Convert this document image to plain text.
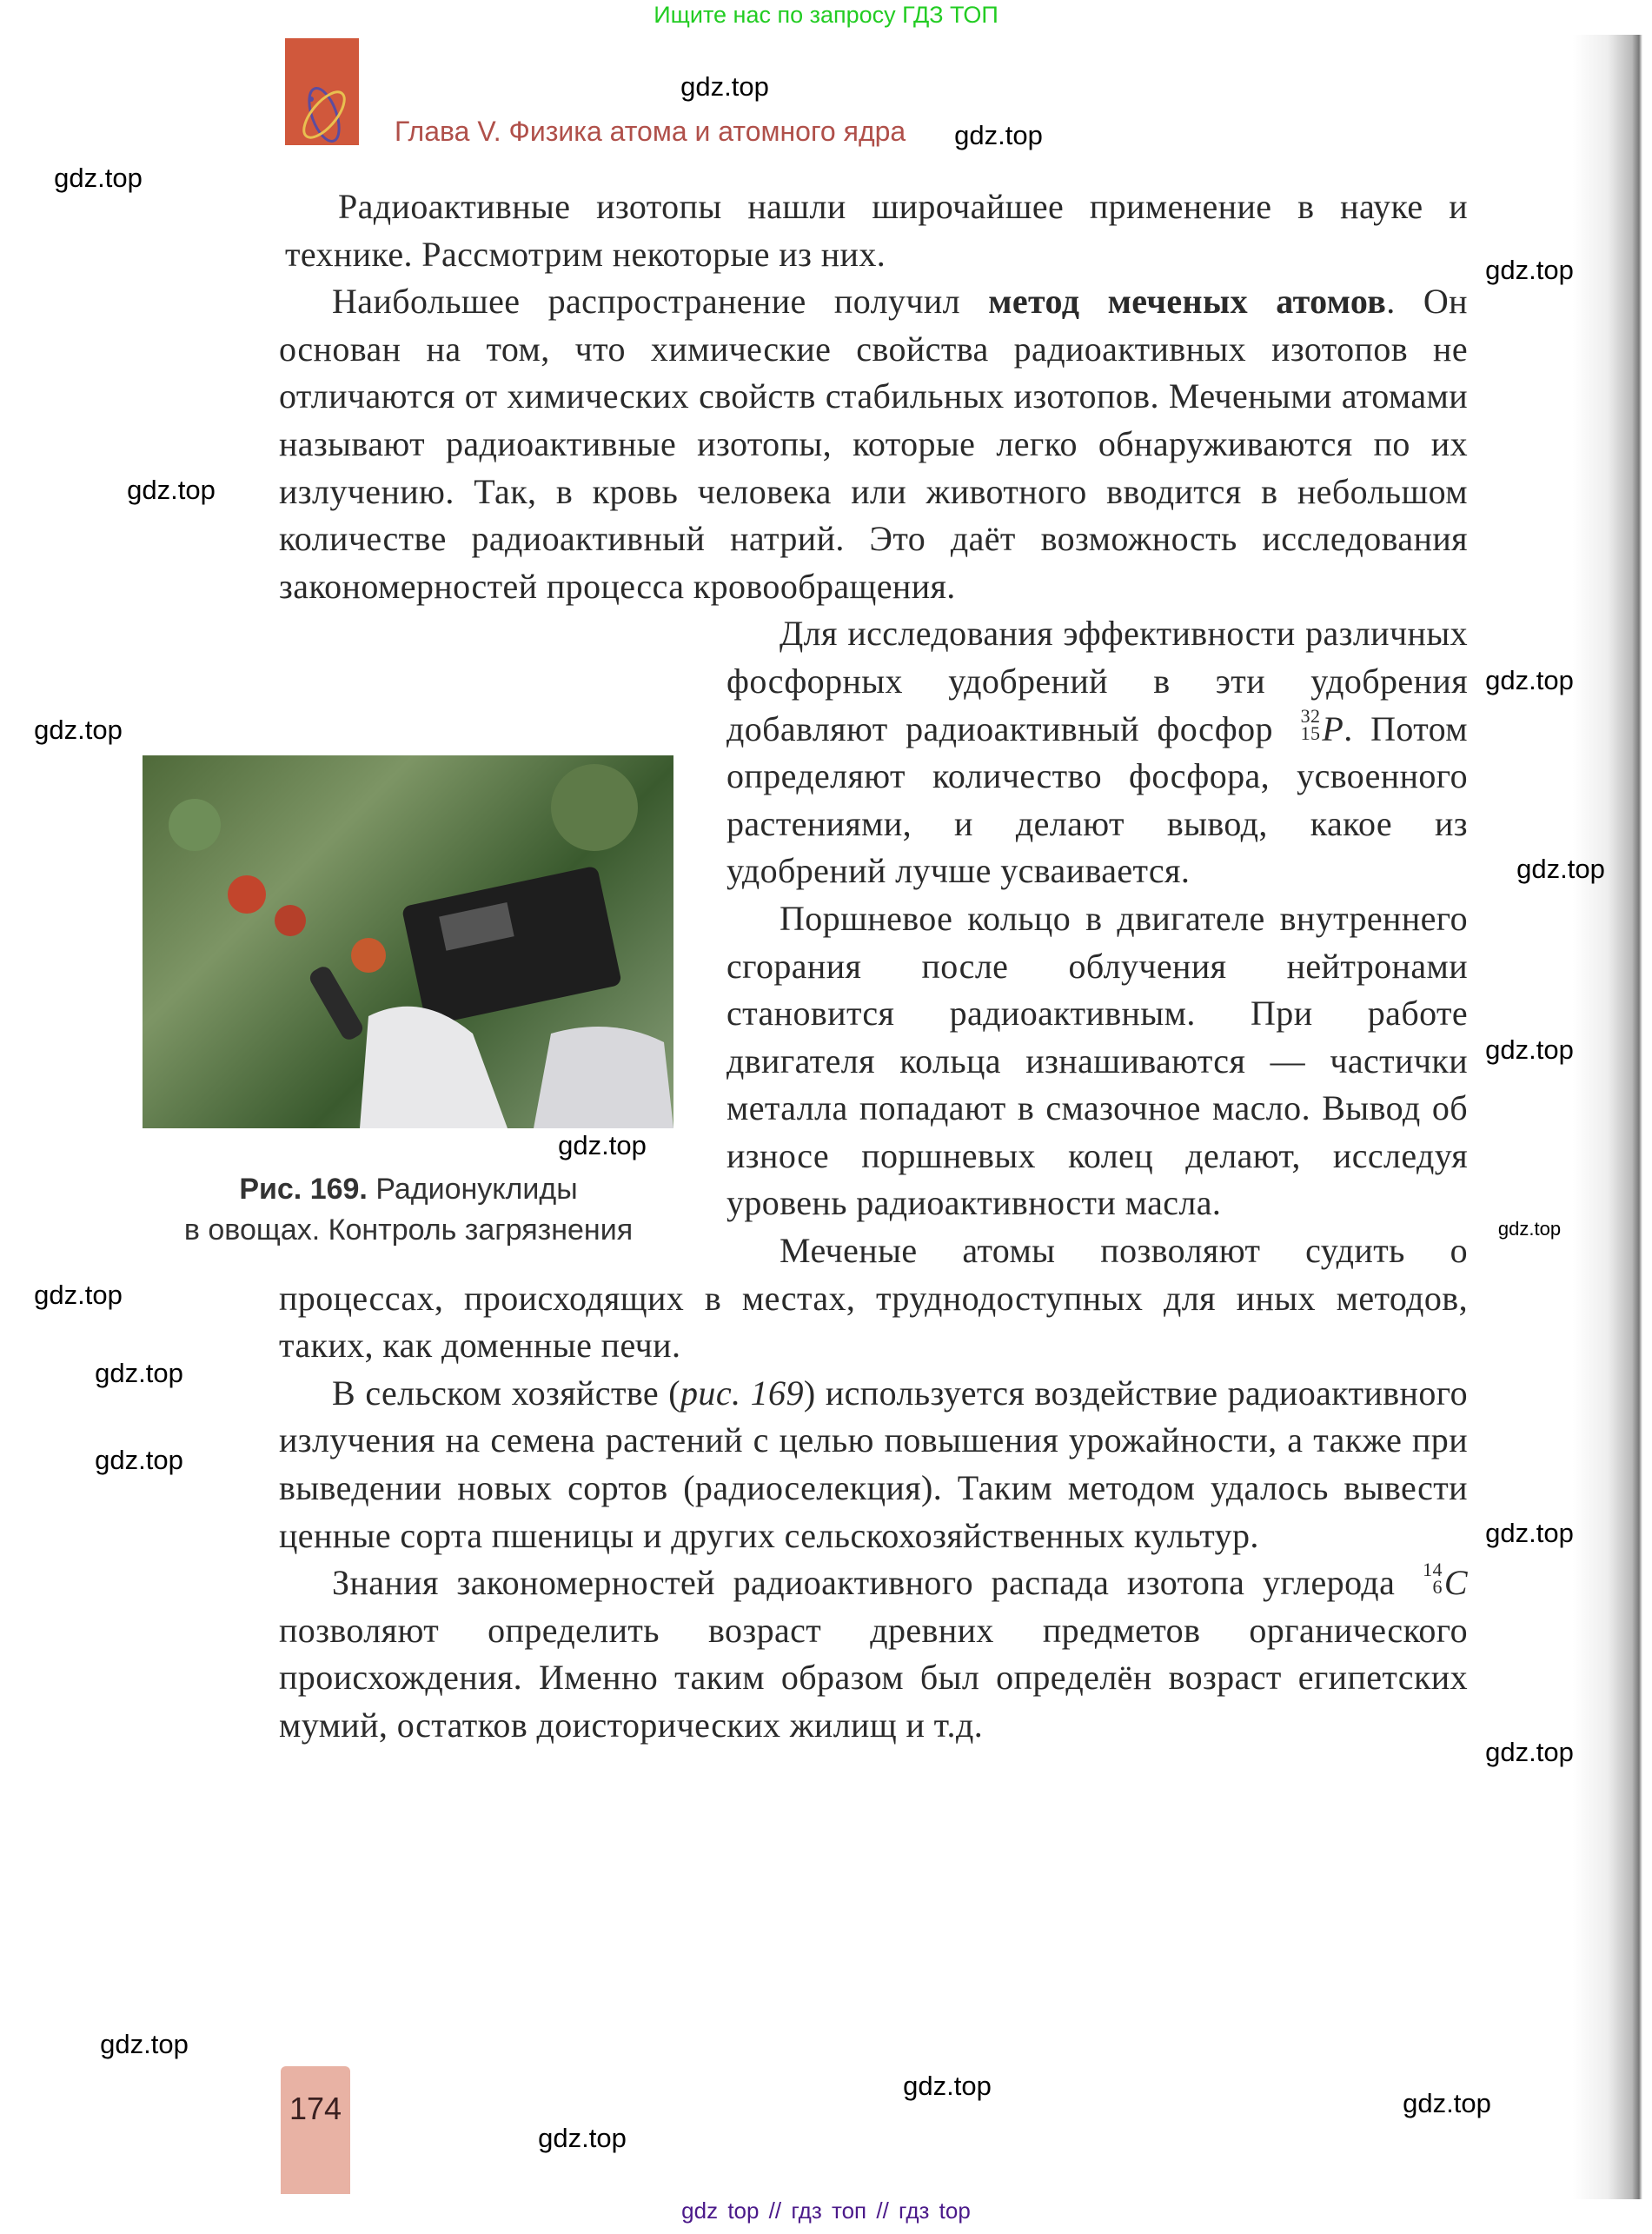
Ищите нас по запросу ГДЗ ТОП
Глава V. Физика атома и атомного ядра
Рис. 169. Радионуклиды
в овощах. Контроль загрязнения

Радиоактивные изотопы нашли широчайшее применение в науке и технике. Рассмотрим некоторые из них.

Наибольшее распространение получил метод меченых атомов. Он основан на том, что химические свойства радиоактивных изотопов не отличаются от химических свойств стабильных изотопов. Мечеными атомами называют радиоактивные изотопы, которые легко обнаруживаются по их излучению. Так, в кровь человека или животного вводится в небольшом количестве радиоактивный натрий. Это даёт возможность исследования закономерностей процесса кровообращения.

Для исследования эффективности различных фосфорных удобрений в эти удобрения добавляют радиоактивный фосфор 32
15 P. Потом определяют количество фосфора, усвоенного растениями, и делают вывод, какое из удобрений лучше усваивается.

Поршневое кольцо в двигателе внутреннего сгорания после облучения нейтронами становится радиоактивным. При работе двигателя кольца изнашиваются — частички металла попадают в смазочное масло. Вывод об износе поршневых колец делают, исследуя уровень радиоактивности масла.

Меченые атомы позволяют судить о процессах, происходящих в местах, труднодоступных для иных методов, таких, как доменные печи.

В сельском хозяйстве (рис. 169) используется воздействие радиоактивного излучения на семена растений с целью повышения урожайности, а также при выведении новых сортов (радиоселекция). Таким методом удалось вывести ценные сорта пшеницы и других сельскохозяйственных культур.

Знания закономерностей радиоактивного распада изотопа углерода 14
6 C позволяют определить возраст древних предметов органического происхождения. Именно таким образом был определён возраст египетских мумий, остатков доисторических жилищ и т.д.

174
gdz.top
gdz.top
gdz.top
gdz.top
gdz.top
gdz.top
gdz.top
gdz.top
gdz.top
gdz.top
gdz.top
gdz.top
gdz.top
gdz.top
gdz.top
gdz.top
gdz.top
gdz.top
gdz.top
gdz.top
gdz top // гдз топ // гдз top
